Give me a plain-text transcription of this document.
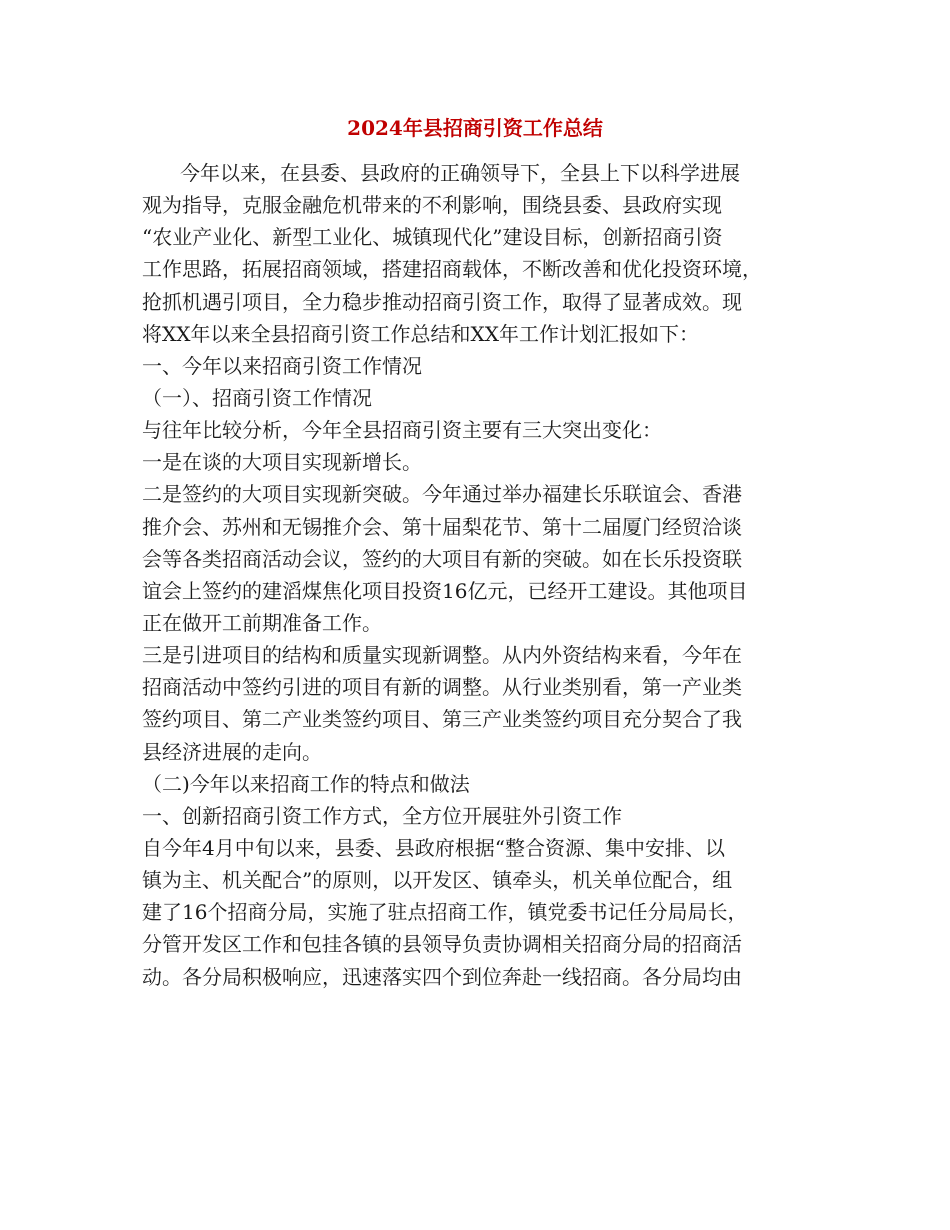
2024年县招商引资工作总结
今年以来，在县委、县政府的正确领导下，全县上下以科学进展
观为指导，克服金融危机带来的不利影响，围绕县委、县政府实现
“农业产业化、新型工业化、城镇现代化”建设目标，创新招商引资
工作思路，拓展招商领域，搭建招商载体，不断改善和优化投资环境，
抢抓机遇引项目，全力稳步推动招商引资工作，取得了显著成效。现
将XX年以来全县招商引资工作总结和XX年工作计划汇报如下：
一、今年以来招商引资工作情况
（一）、招商引资工作情况
与往年比较分析，今年全县招商引资主要有三大突出变化：
一是在谈的大项目实现新增长。
二是签约的大项目实现新突破。今年通过举办福建长乐联谊会、香港
推介会、苏州和无锡推介会、第十届梨花节、第十二届厦门经贸洽谈
会等各类招商活动会议，签约的大项目有新的突破。如在长乐投资联
谊会上签约的建滔煤焦化项目投资16亿元，已经开工建设。其他项目
正在做开工前期准备工作。
三是引进项目的结构和质量实现新调整。从内外资结构来看，今年在
招商活动中签约引进的项目有新的调整。从行业类别看，第一产业类
签约项目、第二产业类签约项目、第三产业类签约项目充分契合了我
县经济进展的走向。
（二)今年以来招商工作的特点和做法
一、创新招商引资工作方式，全方位开展驻外引资工作
自今年4月中旬以来，县委、县政府根据“整合资源、集中安排、以
镇为主、机关配合”的原则，以开发区、镇牵头，机关单位配合，组
建了16个招商分局，实施了驻点招商工作，镇党委书记任分局局长，
分管开发区工作和包挂各镇的县领导负责协调相关招商分局的招商活
动。各分局积极响应，迅速落实四个到位奔赴一线招商。各分局均由
